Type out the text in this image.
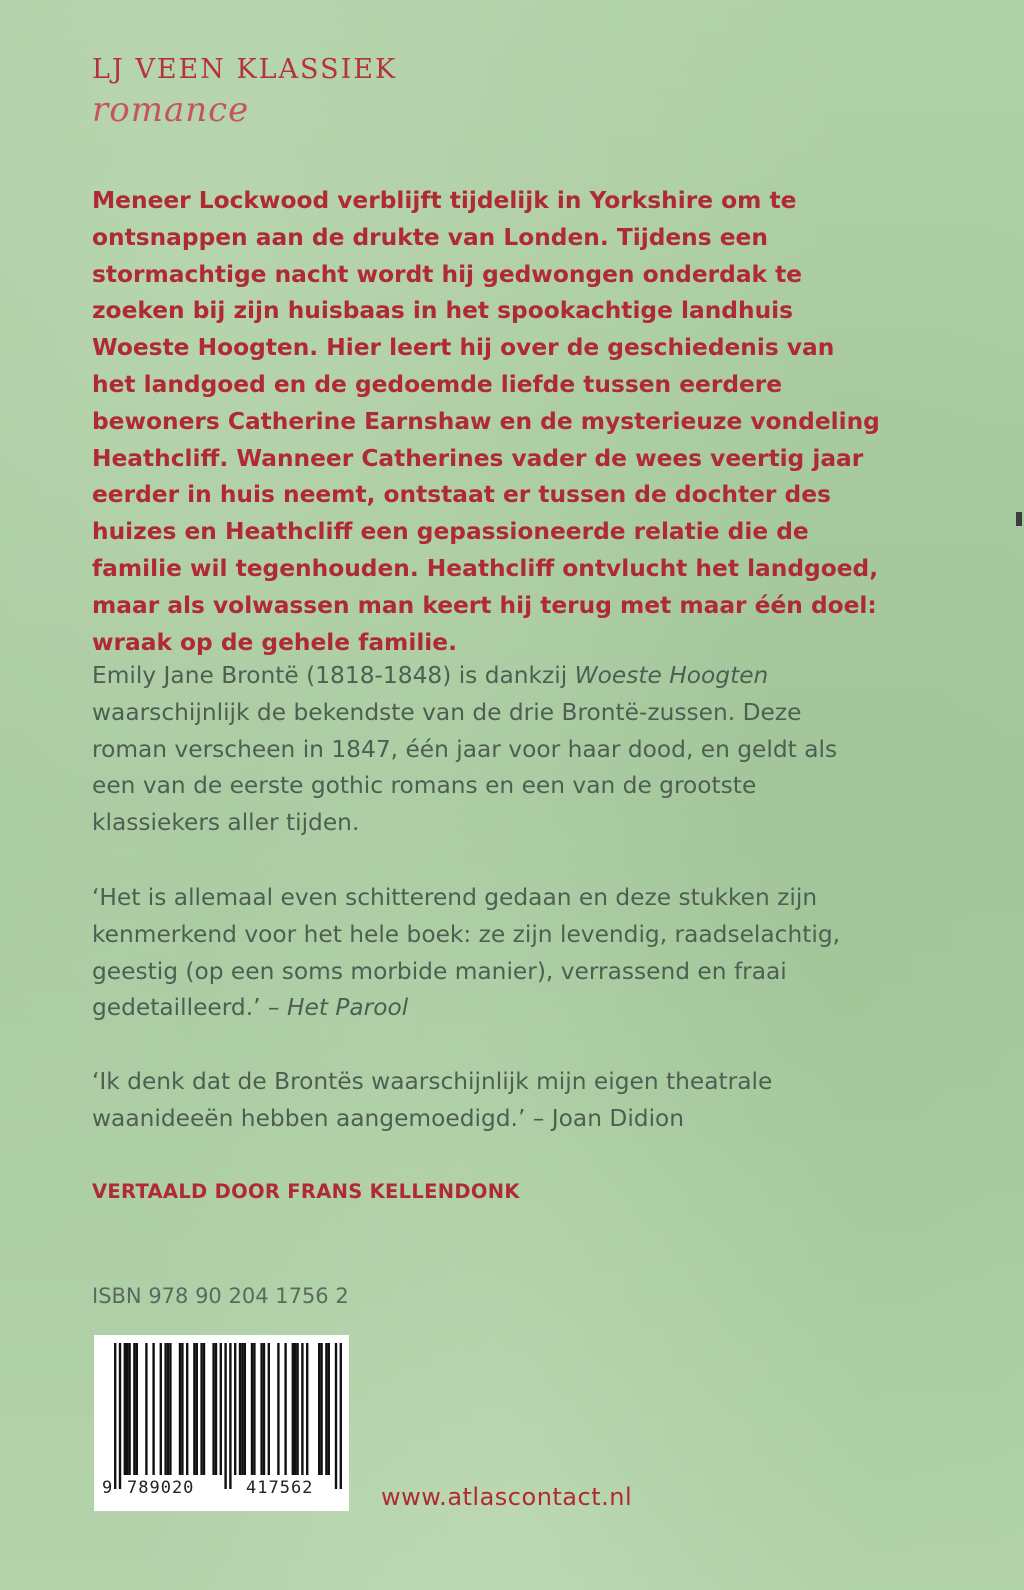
LJ VEEN KLASSIEK
romance

Meneer Lockwood verblijft tijdelijk in Yorkshire om te ontsnappen aan de drukte van Londen. Tijdens een stormachtige nacht wordt hij gedwongen onderdak te zoeken bij zijn huisbaas in het spookachtige landhuis Woeste Hoogten. Hier leert hij over de geschiedenis van het landgoed en de gedoemde liefde tussen eerdere bewoners Catherine Earnshaw en de mysterieuze vondeling Heathcliff. Wanneer Catherines vader de wees veertig jaar eerder in huis neemt, ontstaat er tussen de dochter des huizes en Heathcliff een gepassioneerde relatie die de familie wil tegenhouden. Heathcliff ontvlucht het landgoed, maar als volwassen man keert hij terug met maar één doel: wraak op de gehele familie.

Emily Jane Brontë (1818-1848) is dankzij Woeste Hoogten waarschijnlijk de bekendste van de drie Brontë-zussen. Deze roman verscheen in 1847, één jaar voor haar dood, en geldt als een van de eerste gothic romans en een van de grootste klassiekers aller tijden.

‘Het is allemaal even schitterend gedaan en deze stukken zijn kenmerkend voor het hele boek: ze zijn levendig, raadselachtig, geestig (op een soms morbide manier), verrassend en fraai gedetailleerd.’ – Het Parool

‘Ik denk dat de Brontës waarschijnlijk mijn eigen theatrale waanideeën hebben aangemoedigd.’ – Joan Didion

VERTAALD DOOR FRANS KELLENDONK
ISBN 978 90 204 1756 2
9 789020	417562	www.atlascontact.nl
